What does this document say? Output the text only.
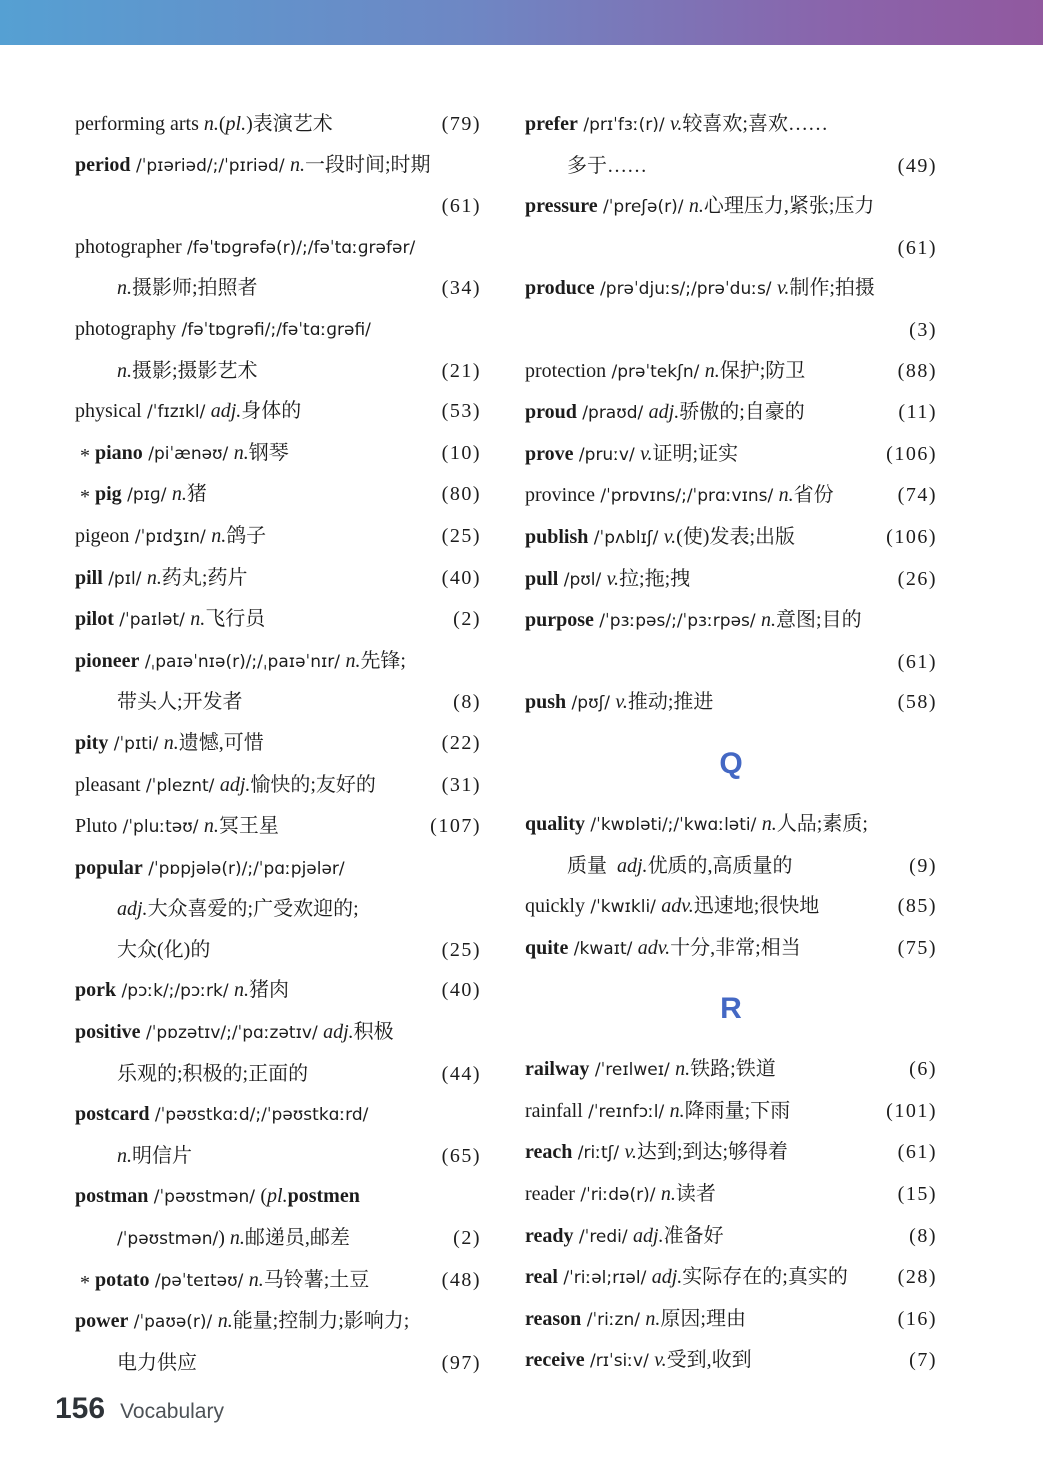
performing arts n.(pl.)表演艺术	(79)
period /ˈpɪəriəd/;/ˈpɪriəd/ n.一段时间;时期
(61)
photographer /fəˈtɒɡrəfə(r)/;/fəˈtɑːɡrəfər/
n.摄影师;拍照者	(34)
photography /fəˈtɒɡrəfi/;/fəˈtɑːɡrəfi/
n.摄影;摄影艺术	(21)
physical /ˈfɪzɪkl/ adj.身体的	(53)
* piano /piˈænəʊ/ n.钢琴	(10)
* pig /pɪɡ/ n.猪	(80)
pigeon /ˈpɪdʒɪn/ n.鸽子	(25)
pill /pɪl/ n.药丸;药片	(40)
pilot /ˈpaɪlət/ n.飞行员	(2)
pioneer /ˌpaɪəˈnɪə(r)/;/ˌpaɪəˈnɪr/ n.先锋;
带头人;开发者	(8)
pity /ˈpɪti/ n.遗憾,可惜	(22)
pleasant /ˈpleznt/ adj.愉快的;友好的	(31)
Pluto /ˈpluːtəʊ/ n.冥王星	(107)
popular /ˈpɒpjələ(r)/;/ˈpɑːpjələr/
adj.大众喜爱的;广受欢迎的;
大众(化)的	(25)
pork /pɔːk/;/pɔːrk/ n.猪肉	(40)
positive /ˈpɒzətɪv/;/ˈpɑːzətɪv/ adj.积极
乐观的;积极的;正面的	(44)
postcard /ˈpəʊstkɑːd/;/ˈpəʊstkɑːrd/
n.明信片	(65)
postman /ˈpəʊstmən/ (pl.postmen
/ˈpəʊstmən/) n.邮递员,邮差	(2)
* potato /pəˈteɪtəʊ/ n.马铃薯;土豆	(48)
power /ˈpaʊə(r)/ n.能量;控制力;影响力;
电力供应	(97)
prefer /prɪˈfɜː(r)/ v.较喜欢;喜欢……
多于……	(49)
pressure /ˈpreʃə(r)/ n.心理压力,紧张;压力
(61)
produce /prəˈdjuːs/;/prəˈduːs/ v.制作;拍摄
(3)
protection /prəˈtekʃn/ n.保护;防卫	(88)
proud /praʊd/ adj.骄傲的;自豪的	(11)
prove /pruːv/ v.证明;证实	(106)
province /ˈprɒvɪns/;/ˈprɑːvɪns/ n.省份	(74)
publish /ˈpʌblɪʃ/ v.(使)发表;出版	(106)
pull /pʊl/ v.拉;拖;拽	(26)
purpose /ˈpɜːpəs/;/ˈpɜːrpəs/ n.意图;目的
(61)
push /pʊʃ/ v.推动;推进	(58)
Q
quality /ˈkwɒləti/;/ˈkwɑːləti/ n.人品;素质;
质量  adj.优质的,高质量的	(9)
quickly /ˈkwɪkli/ adv.迅速地;很快地	(85)
quite /kwaɪt/ adv.十分,非常;相当	(75)
R
railway /ˈreɪlweɪ/ n.铁路;铁道	(6)
rainfall /ˈreɪnfɔːl/ n.降雨量;下雨	(101)
reach /riːtʃ/ v.达到;到达;够得着	(61)
reader /ˈriːdə(r)/ n.读者	(15)
ready /ˈredi/ adj.准备好	(8)
real /ˈriːəl;rɪəl/ adj.实际存在的;真实的	(28)
reason /ˈriːzn/ n.原因;理由	(16)
receive /rɪˈsiːv/ v.受到,收到	(7)
156 Vocabulary
